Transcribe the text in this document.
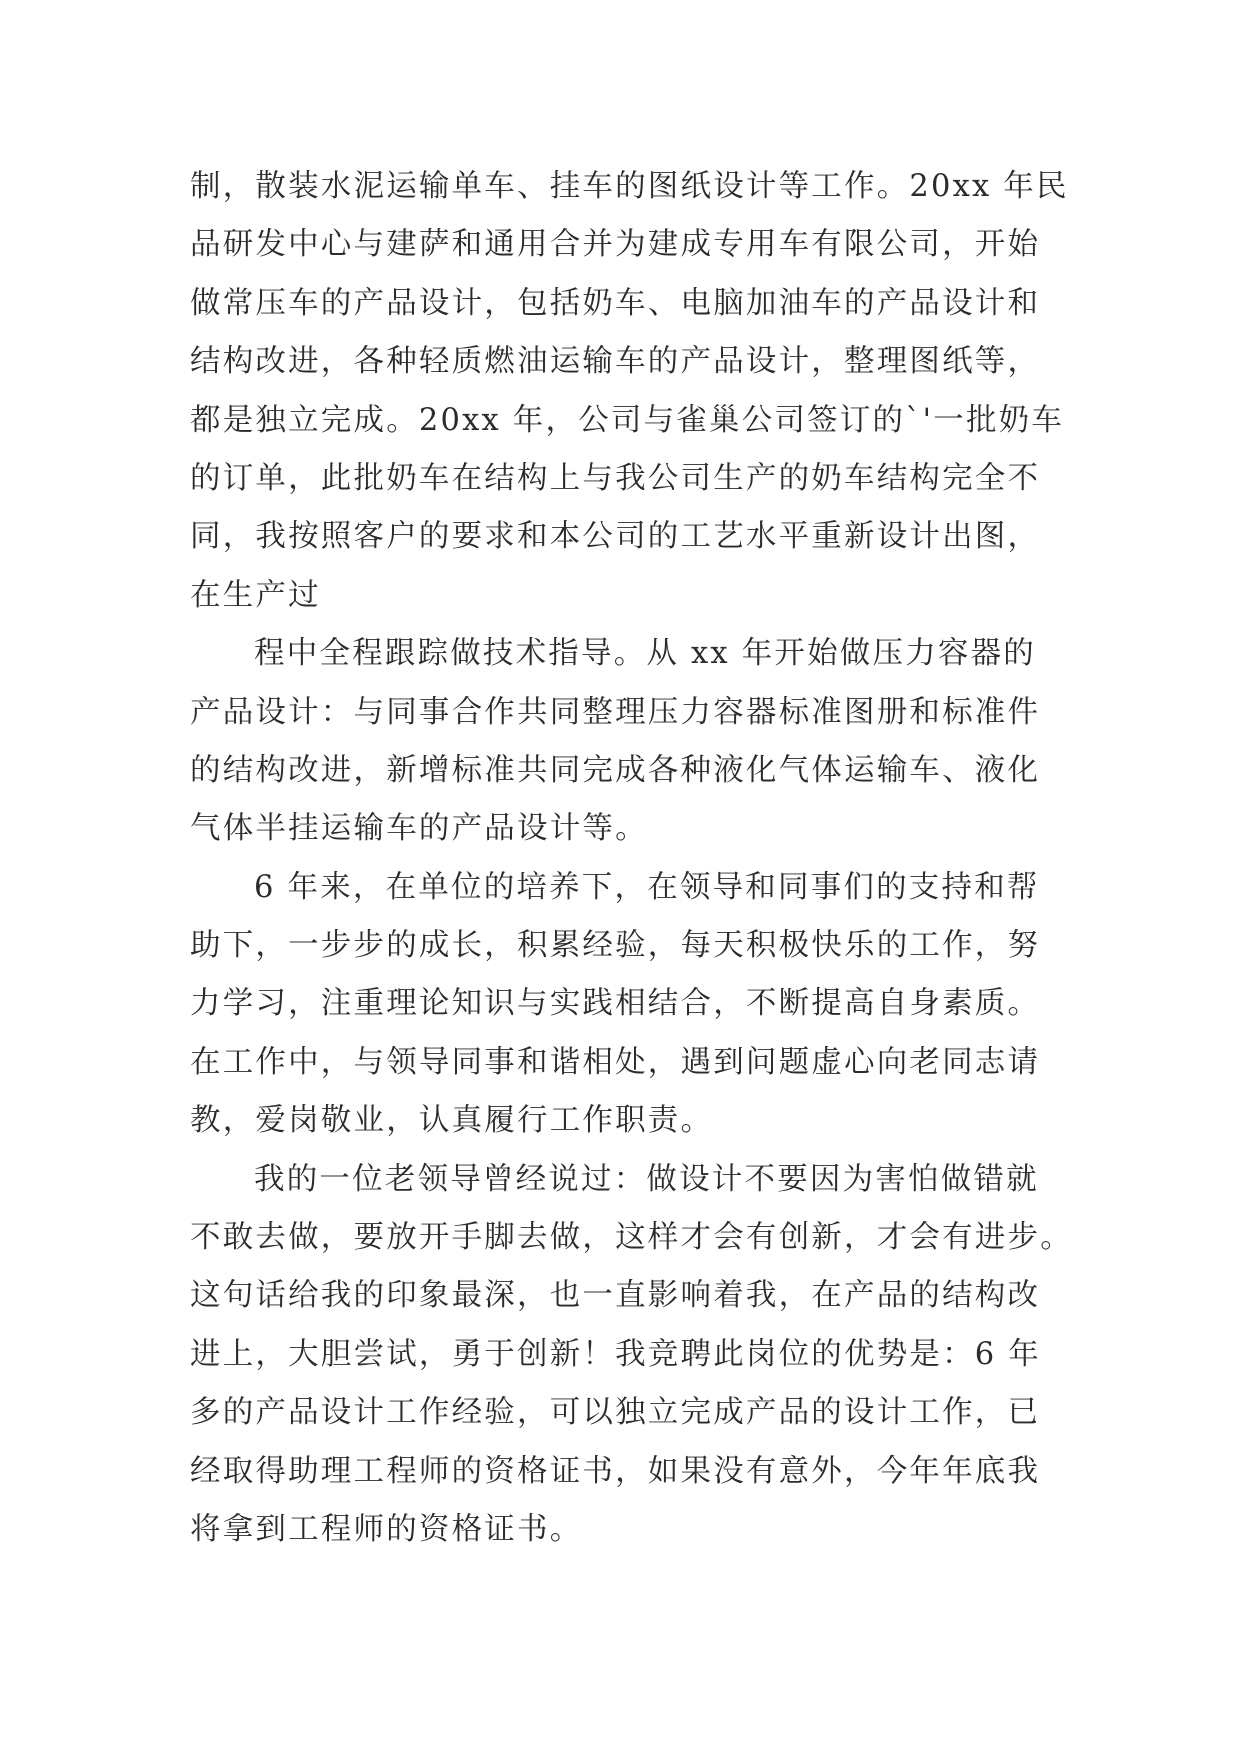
制，散装水泥运输单车、挂车的图纸设计等工作。20xx 年民
品研发中心与建萨和通用合并为建成专用车有限公司，开始
做常压车的产品设计，包括奶车、电脑加油车的产品设计和
结构改进，各种轻质燃油运输车的产品设计，整理图纸等，
都是独立完成。20xx 年，公司与雀巢公司签订的`'一批奶车
的订单，此批奶车在结构上与我公司生产的奶车结构完全不
同，我按照客户的要求和本公司的工艺水平重新设计出图，
在生产过
程中全程跟踪做技术指导。从 xx 年开始做压力容器的
产品设计：与同事合作共同整理压力容器标准图册和标准件
的结构改进，新增标准共同完成各种液化气体运输车、液化
气体半挂运输车的产品设计等。
6 年来，在单位的培养下，在领导和同事们的支持和帮
助下，一步步的成长，积累经验，每天积极快乐的工作，努
力学习，注重理论知识与实践相结合，不断提高自身素质。
在工作中，与领导同事和谐相处，遇到问题虚心向老同志请
教，爱岗敬业，认真履行工作职责。
我的一位老领导曾经说过：做设计不要因为害怕做错就
不敢去做，要放开手脚去做，这样才会有创新，才会有进步。
这句话给我的印象最深，也一直影响着我，在产品的结构改
进上，大胆尝试，勇于创新！我竞聘此岗位的优势是：6 年
多的产品设计工作经验，可以独立完成产品的设计工作，已
经取得助理工程师的资格证书，如果没有意外，今年年底我
将拿到工程师的资格证书。
